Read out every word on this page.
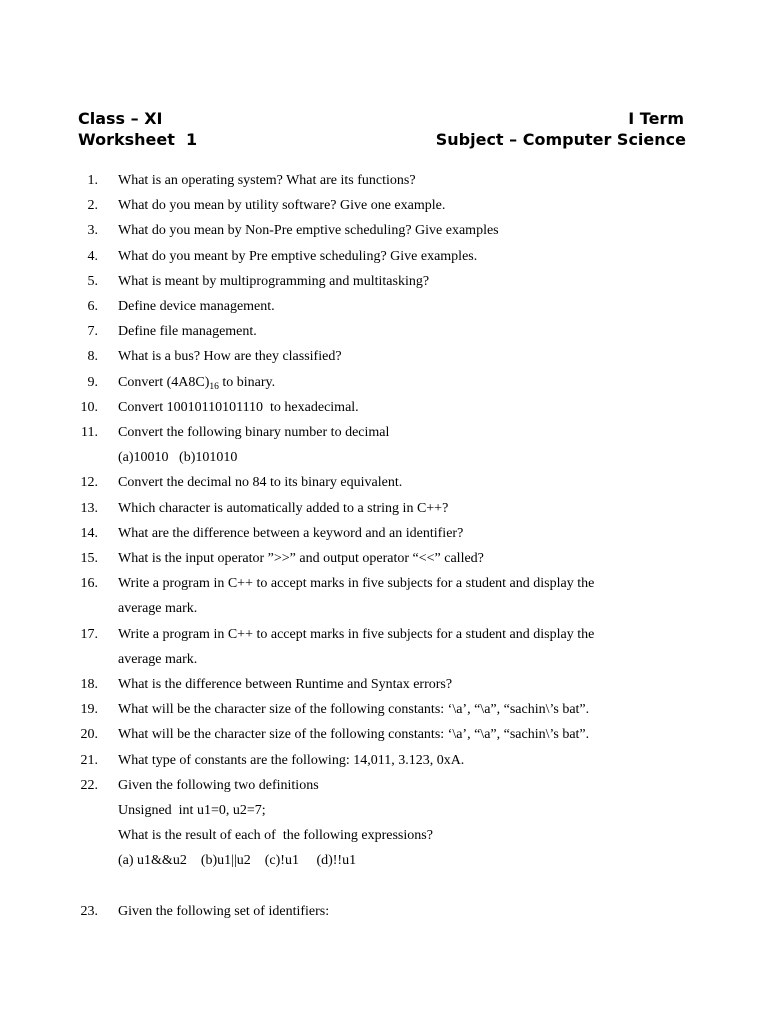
Class – XI	I Term
Worksheet  1	Subject – Computer Science
1. What is an operating system? What are its functions?
2. What do you mean by utility software? Give one example.
3. What do you mean by Non-Pre emptive scheduling? Give examples
4. What do you meant by Pre emptive scheduling? Give examples.
5. What is meant by multiprogramming and multitasking?
6. Define device management.
7. Define file management.
8. What is a bus? How are they classified?
9. Convert $(4A8C)_{16}$ to binary.
10. Convert 10010110101110  to hexadecimal.
11. Convert the following binary number to decimal
(a)10010   (b)101010
12. Convert the decimal no 84 to its binary equivalent.
13. Which character is automatically added to a string in C++?
14. What are the difference between a keyword and an identifier?
15. What is the input operator ”>>” and output operator “<<” called?
16. Write a program in C++ to accept marks in five subjects for a student and display the
average mark.
17. Write a program in C++ to accept marks in five subjects for a student and display the
average mark.
18. What is the difference between Runtime and Syntax errors?
19. What will be the character size of the following constants: ‘\a’, “\a”, “sachin\’s bat”.
20. What will be the character size of the following constants: ‘\a’, “\a”, “sachin\’s bat”.
21. What type of constants are the following: 14,011, 3.123, 0xA.
22. Given the following two definitions
Unsigned  int u1=0, u2=7;
What is the result of each of  the following expressions?
(a) u1&&u2    (b)u1||u2    (c)!u1     (d)!!u1
23. Given the following set of identifiers:
